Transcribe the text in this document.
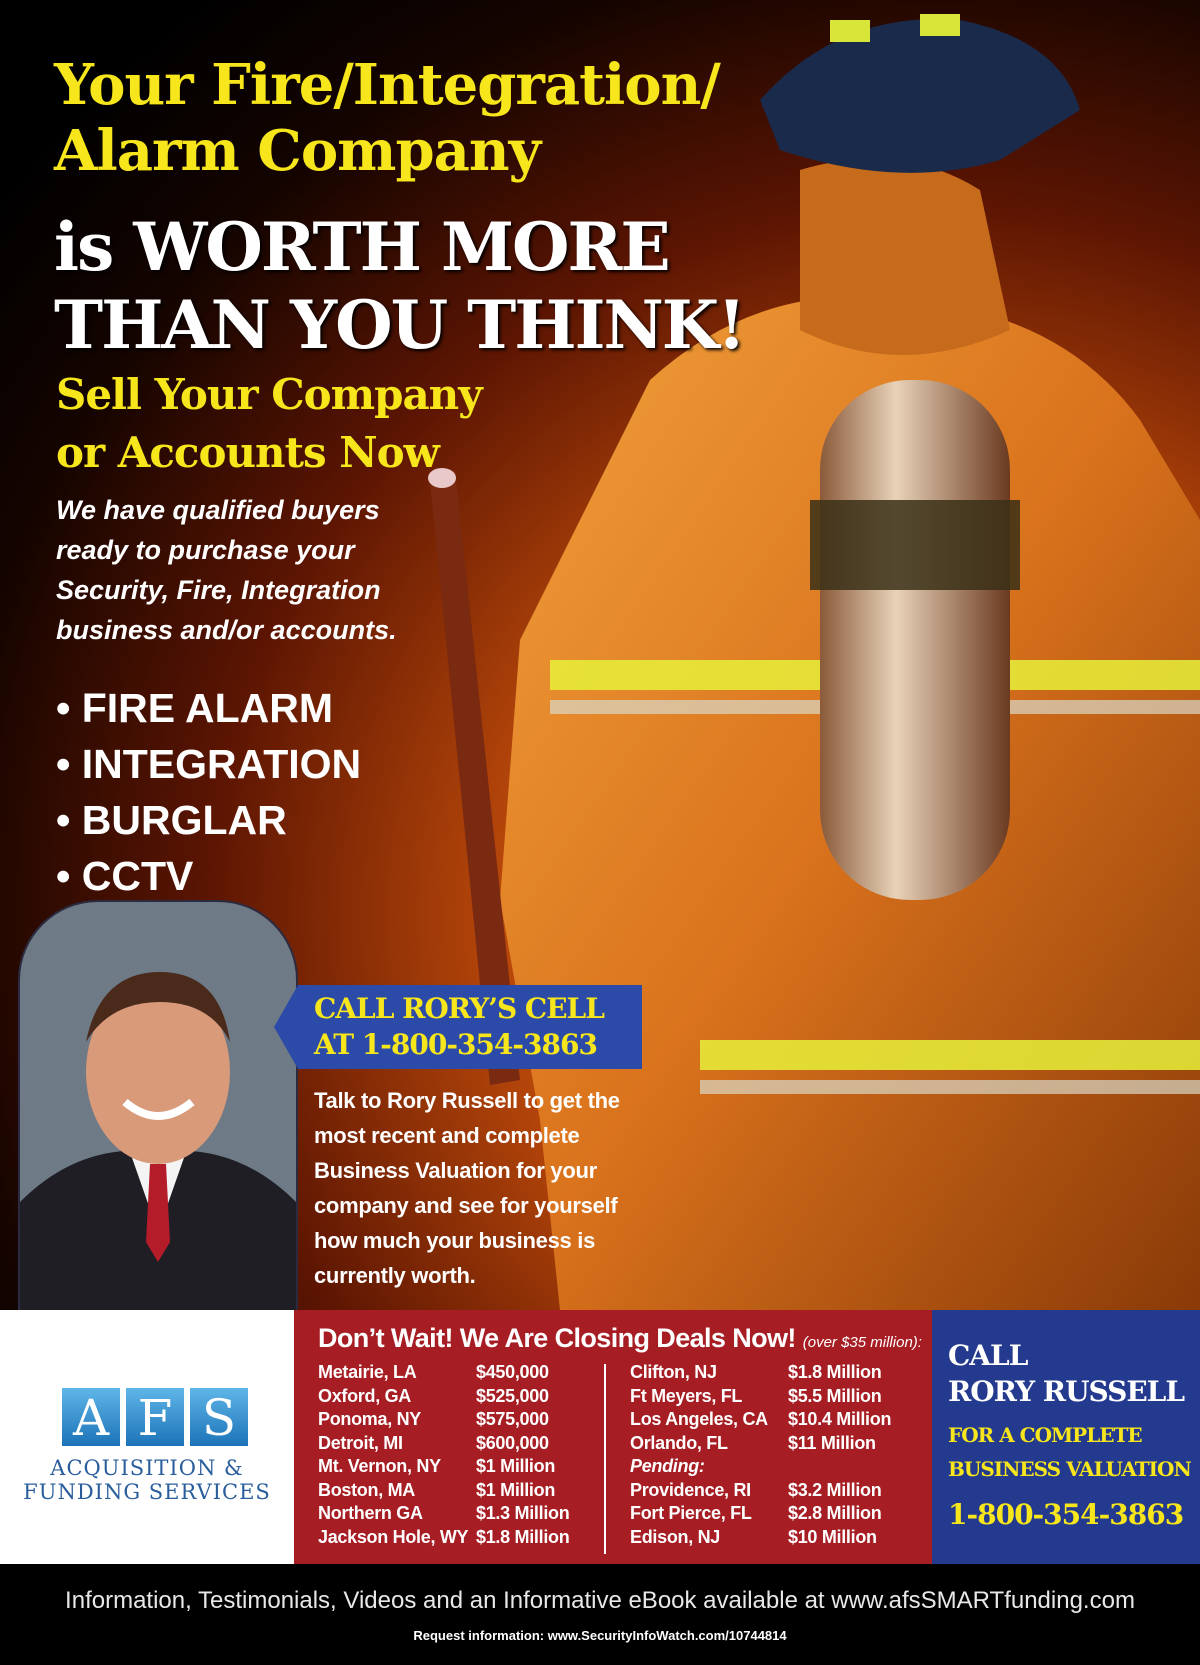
Your Fire/Integration/
Alarm Company
is WORTH MORE
THAN YOU THINK!
Sell Your Company
or Accounts Now

We have qualified buyers ready to purchase your Security, Fire, Integration business and/or accounts.

• FIRE ALARM
• INTEGRATION
• BURGLAR
• CCTV

CALL RORY’S CELL
AT 1-800-354-3863

Talk to Rory Russell to get the most recent and complete Business Valuation for your company and see for yourself how much your business is currently worth.

A F S

ACQUISITION &
FUNDING SERVICES

Don’t Wait! We Are Closing Deals Now! (over $35 million):

Metairie, LA	$450,000
Oxford, GA	$525,000
Ponoma, NY	$575,000
Detroit, MI	$600,000
Mt. Vernon, NY $1 Million
Boston, MA	$1 Million
Northern GA	$1.3 Million
Jackson Hole, WY $1.8 Million
Clifton, NJ	$1.8 Million
Ft Meyers, FL	$5.5 Million
Los Angeles, CA $10.4 Million
Orlando, FL	$11 Million
Pending:
Providence, RI $3.2 Million
Fort Pierce, FL $2.8 Million
Edison, NJ	$10 Million

CALL

RORY RUSSELL

FOR A COMPLETE

BUSINESS VALUATION

1-800-354-3863

Information, Testimonials, Videos and an Informative eBook available at www.afsSMARTfunding.com

Request information: www.SecurityInfoWatch.com/10744814
